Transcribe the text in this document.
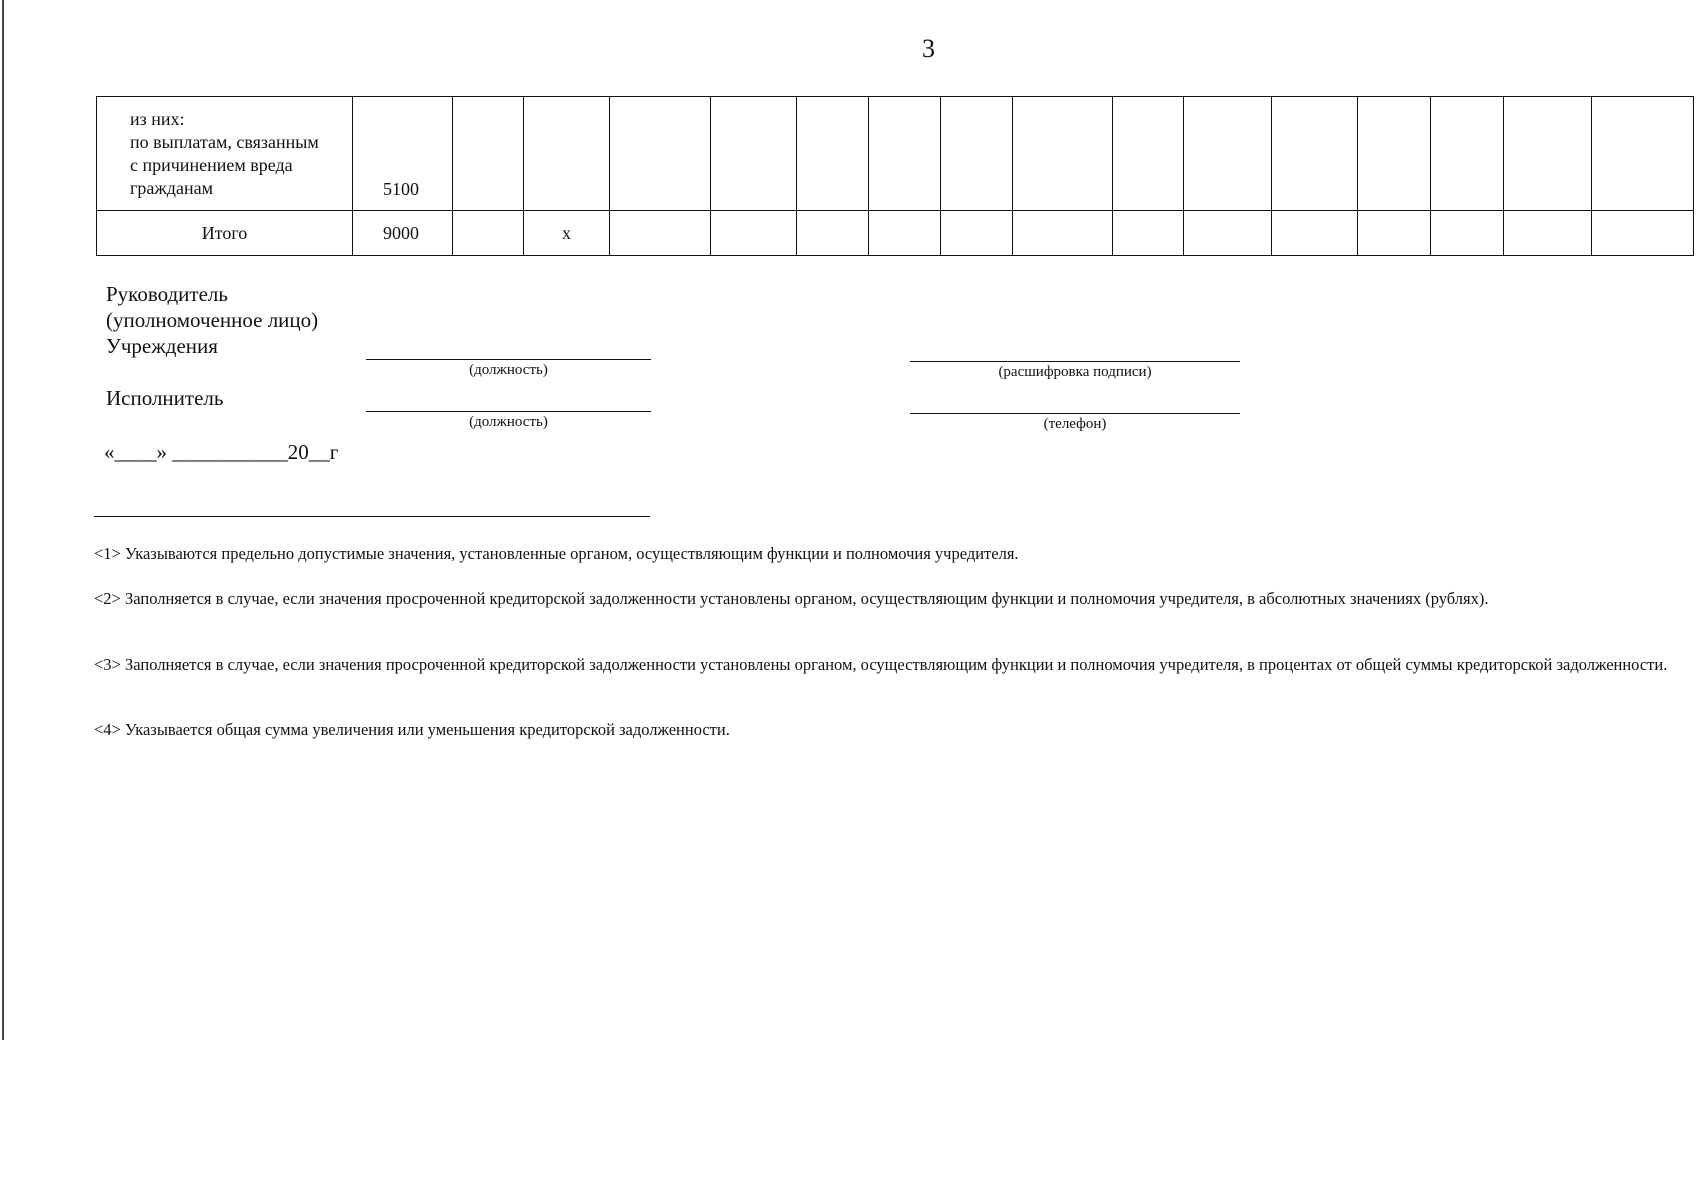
3
из них:
по выплатам, связанным
с причинением вреда
гражданам	5100															

Итого	9000		x													
Руководитель
(уполномоченное лицо)
Учреждения
(должность)	(расшифровка подписи)
Исполнитель
(должность)	(телефон)
«____» ___________20__г
<1> Указываются предельно допустимые значения, установленные органом, осуществляющим функции и полномочия учредителя.
<2> Заполняется в случае, если значения просроченной кредиторской задолженности установлены органом, осуществляющим функции и полномочия учредителя, в абсолютных значениях (рублях).
<3> Заполняется в случае, если значения просроченной кредиторской задолженности установлены органом, осуществляющим функции и полномочия учредителя, в процентах от общей суммы кредиторской задолженности.
<4> Указывается общая сумма увеличения или уменьшения кредиторской задолженности.
